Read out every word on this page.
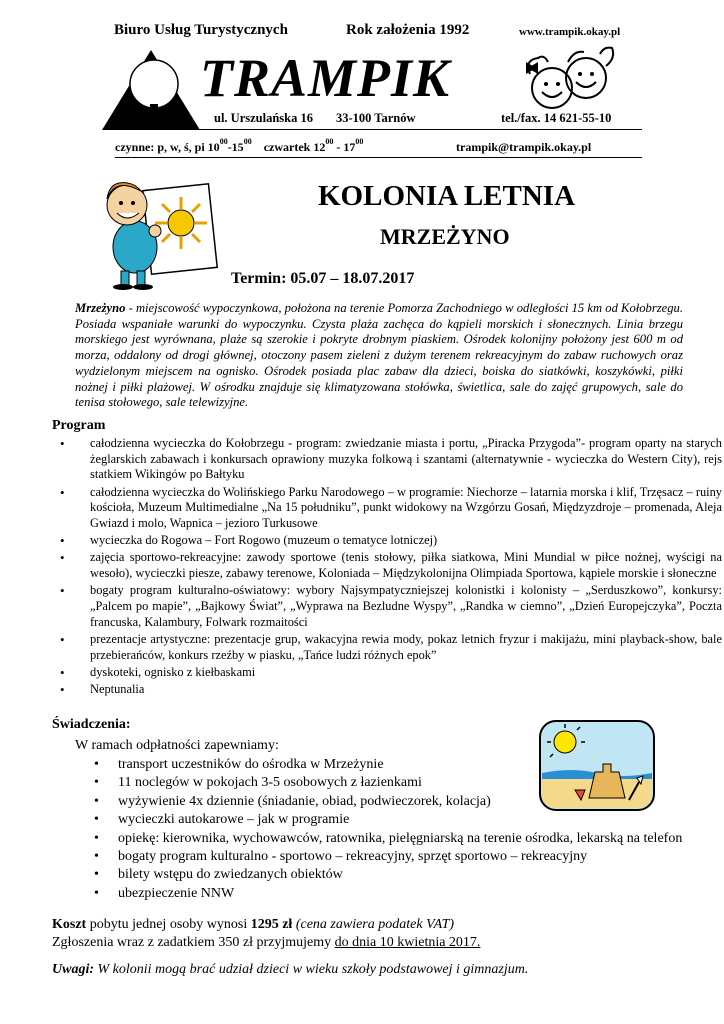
Biuro Usług Turystycznych	Rok założenia 1992	www.trampik.okay.pl
TRAMPIK
ul. Urszulańska 16 33-100 Tarnów	tel./fax. 14 621-55-10
czynne: p, w, ś, pi $10^{00}-15^{00}$ czwartek $12^{00} - 17^{00}$	trampik@trampik.okay.pl
KOLONIA LETNIA
MRZEŻYNO
Termin: 05.07 – 18.07.2017
Mrzeżyno - miejscowość wypoczynkowa, położona na terenie Pomorza Zachodniego w odległości 15 km od Kołobrzegu. Posiada wspaniałe warunki do wypoczynku. Czysta plaża zachęca do kąpieli morskich i słonecznych. Linia brzegu morskiego jest wyrównana, plaże są szerokie i pokryte drobnym piaskiem. Ośrodek kolonijny położony jest 600 m od morza, oddalony od drogi głównej, otoczony pasem zieleni z dużym terenem rekreacyjnym do zabaw ruchowych oraz wydzielonym miejscem na ognisko. Ośrodek posiada plac zabaw dla dzieci, boiska do siatkówki, koszykówki, piłki nożnej i piłki plażowej. W ośrodku znajduje się klimatyzowana stołówka, świetlica, sale do zajęć grupowych, sale do tenisa stołowego, sale telewizyjne.
Program
• całodzienna wycieczka do Kołobrzegu - program: zwiedzanie miasta i portu, „Piracka Przygoda”- program oparty na starych żeglarskich zabawach i konkursach oprawiony muzyka folkową i szantami (alternatywnie - wycieczka do Western City), rejs statkiem Wikingów po Bałtyku
• całodzienna wycieczka do Wolińskiego Parku Narodowego – w programie: Niechorze – latarnia morska i klif, Trzęsacz – ruiny kościoła, Muzeum Multimedialne „Na 15 południku”, punkt widokowy na Wzgórzu Gosań, Międzyzdroje – promenada, Aleja Gwiazd i molo, Wapnica – jezioro Turkusowe
• wycieczka do Rogowa – Fort Rogowo (muzeum o tematyce lotniczej)
• zajęcia sportowo-rekreacyjne: zawody sportowe (tenis stołowy, piłka siatkowa, Mini Mundial w piłce nożnej, wyścigi na wesoło), wycieczki piesze, zabawy terenowe, Koloniada – Międzykolonijna Olimpiada Sportowa, kąpiele morskie i słoneczne
• bogaty program kulturalno-oświatowy: wybory Najsympatyczniejszej kolonistki i kolonisty – „Serduszkowo”, konkursy: „Palcem po mapie”, „Bajkowy Świat”, „Wyprawa na Bezludne Wyspy”, „Randka w ciemno”, „Dzień Europejczyka”, Poczta francuska, Kalambury, Folwark rozmaitości
• prezentacje artystyczne: prezentacje grup, wakacyjna rewia mody, pokaz letnich fryzur i makijażu, mini playback-show, bale przebierańców, konkurs rzeźby w piasku, „Tańce ludzi różnych epok”
• dyskoteki, ognisko z kiełbaskami
• Neptunalia
Świadczenia:
W ramach odpłatności zapewniamy:
• transport uczestników do ośrodka w Mrzeżynie
• 11 noclegów w pokojach 3-5 osobowych z łazienkami
• wyżywienie 4x dziennie (śniadanie, obiad, podwieczorek, kolacja)
• wycieczki autokarowe – jak w programie
• opiekę: kierownika, wychowawców, ratownika, pielęgniarską na terenie ośrodka, lekarską na telefon
• bogaty program kulturalno - sportowo – rekreacyjny, sprzęt sportowo – rekreacyjny
• bilety wstępu do zwiedzanych obiektów
• ubezpieczenie NNW
Koszt pobytu jednej osoby wynosi 1295 zł (cena zawiera podatek VAT)
Zgłoszenia wraz z zadatkiem 350 zł przyjmujemy do dnia 10 kwietnia 2017.
Uwagi: W kolonii mogą brać udział dzieci w wieku szkoły podstawowej i gimnazjum.
